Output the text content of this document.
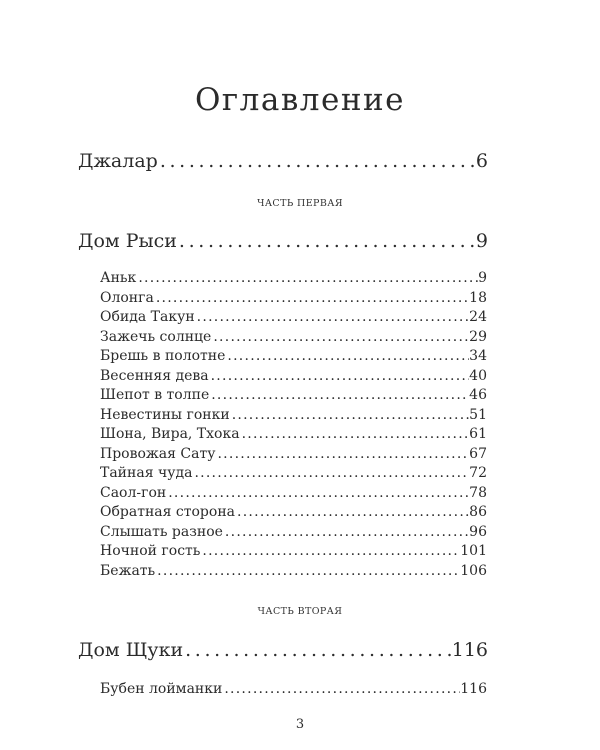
Оглавление
Джалар . . .	6
ЧАСТЬ ПЕРВАЯ
Дом Рыси . . .	9
Аньк . . .	9
Олонга . . .	18
Обида Такун . . .	24
Зажечь солнце . . .	29
Брешь в полотне . . .	34
Весенняя дева . . .	40
Шепот в толпе . . .	46
Невестины гонки . . .	51
Шона, Вира, Тхока . . .	61
Провожая Сату . . .	67
Тайная чуда . . .	72
Саол-гон . . .	78
Обратная сторона . . .	86
Слышать разное . . .	96
Ночной гость . . .	101
Бежать . . .	106
ЧАСТЬ ВТОРАЯ
Дом Щуки . . .	116
Бубен лойманки . . .	116
3
